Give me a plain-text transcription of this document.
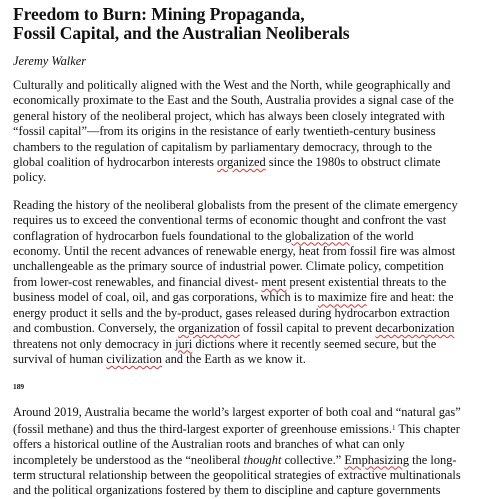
Freedom to Burn: Mining Propaganda,
Fossil Capital, and the Australian Neoliberals
Jeremy Walker

Culturally and politically aligned with the West and the North, while geographically and
economically proximate to the East and the South, Australia provides a signal case of the
general history of the neoliberal project, which has always been closely integrated with
“fossil capital”—from its origins in the resistance of early twentieth-century business
chambers to the regulation of capitalism by parliamentary democracy, through to the
global coalition of hydrocarbon interests organized since the 1980s to obstruct climate
policy.

Reading the history of the neoliberal globalists from the present of the climate emergency
requires us to exceed the conventional terms of economic thought and confront the vast
conflagration of hydrocarbon fuels foundational to the globalization of the world
economy. Until the recent advances of renewable energy, heat from fossil fire was almost
unchallengeable as the primary source of industrial power. Climate policy, competition
from lower-cost renewables, and financial divest- ment present existential threats to the
business model of coal, oil, and gas corporations, which is to maximize fire and heat: the
energy product it sells and the by-product, gases released during hydrocarbon extraction
and combustion. Conversely, the organization of fossil capital to prevent decarbonization
threatens not only democracy in juri dictions where it recently seemed secure, but the
survival of human civilization and the Earth as we know it.

189

Around 2019, Australia became the world’s largest exporter of both coal and “natural gas”
(fossil methane) and thus the third-largest exporter of greenhouse emissions.$^1$ This chapter
offers a historical outline of the Australian roots and branches of what can only
incompletely be understood as the “neoliberal thought collective.” Emphasizing the long-
term structural relationship between the geopolitical strategies of extractive multinationals
and the political organizations fostered by them to discipline and capture governments
